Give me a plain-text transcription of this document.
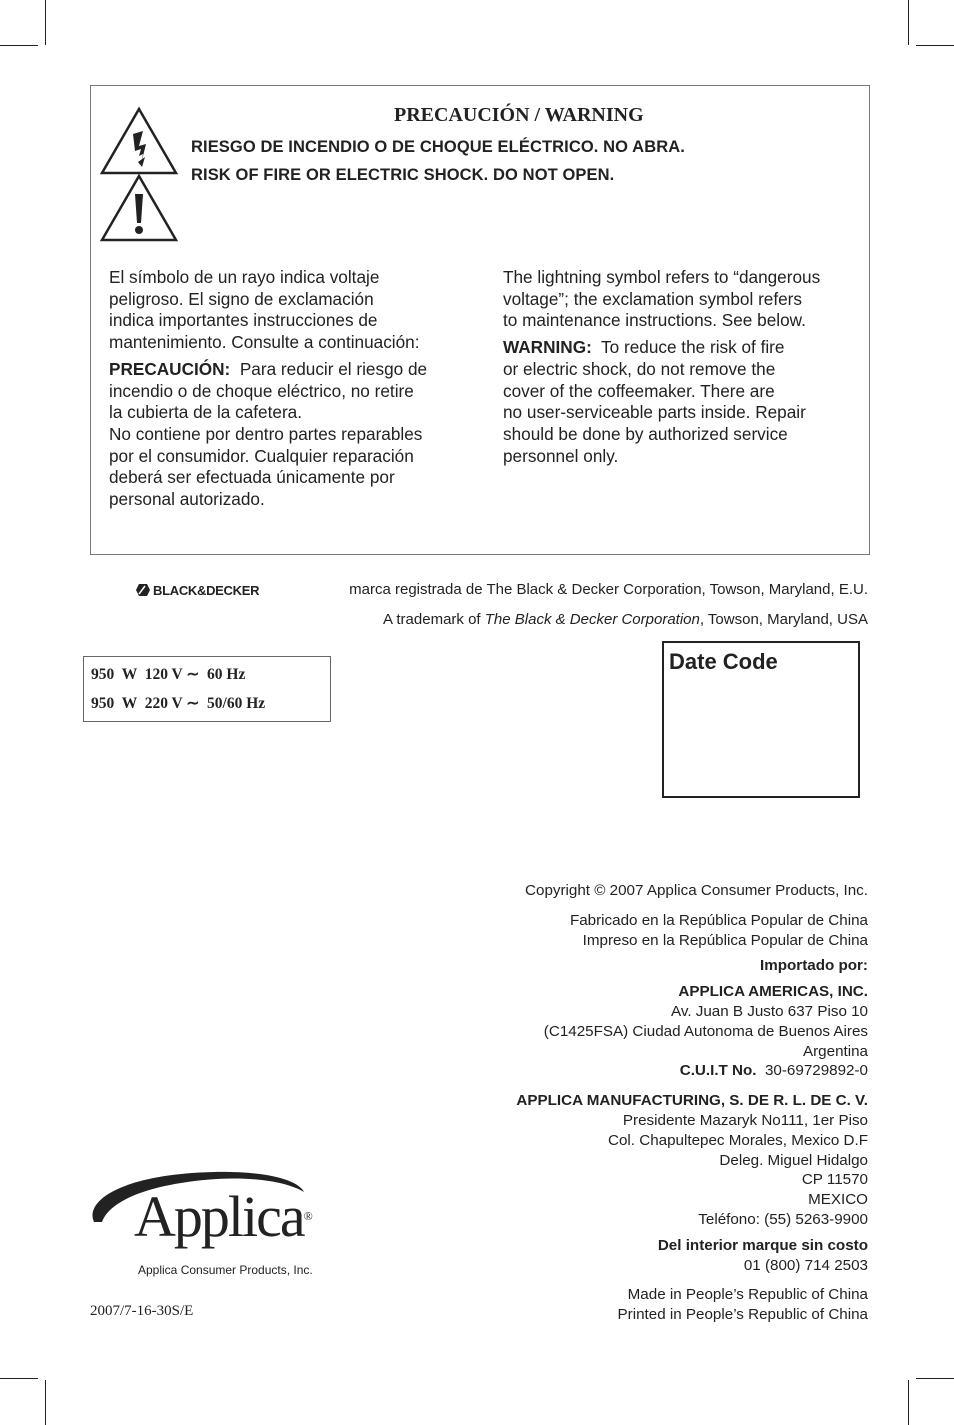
PRECAUCIÓN / WARNING
RIESGO DE INCENDIO O DE CHOQUE ELÉCTRICO. NO ABRA.
RISK OF FIRE OR ELECTRIC SHOCK. DO NOT OPEN.

El símbolo de un rayo indica voltaje

peligroso. El signo de exclamación

indica importantes instrucciones de

mantenimiento. Consulte a continuación:

PRECAUCIÓN: Para reducir el riesgo de

incendio o de choque eléctrico, no retire

la cubierta de la cafetera.

No contiene por dentro partes reparables

por el consumidor. Cualquier reparación

deberá ser efectuada únicamente por

personal autorizado.

The lightning symbol refers to “dangerous

voltage”; the exclamation symbol refers

to maintenance instructions. See below.

WARNING: To reduce the risk of fire

or electric shock, do not remove the

cover of the coffeemaker. There are

no user-serviceable parts inside. Repair

should be done by authorized service

personnel only.

BLACK&DECKER	marca registrada de The Black & Decker Corporation, Towson, Maryland, E.U.
A trademark of The Black & Decker Corporation, Towson, Maryland, USA
950  W  120 V ∼  60 Hz
950  W  220 V ∼  50/60 Hz
Date Code
Copyright © 2007 Applica Consumer Products, Inc.
Fabricado en la República Popular de China
Impreso en la República Popular de China
Importado por:
APPLICA AMERICAS, INC.
Av. Juan B Justo 637 Piso 10
(C1425FSA) Ciudad Autonoma de Buenos Aires
Argentina
C.U.I.T No. 30-69729892-0
APPLICA MANUFACTURING, S. DE R. L. DE C. V.
Presidente Mazaryk No111, 1er Piso
Col. Chapultepec Morales, Mexico D.F
Deleg. Miguel Hidalgo
CP 11570
MEXICO
Teléfono: (55) 5263-9900
Del interior marque sin costo
01 (800) 714 2503
Made in People’s Republic of China
Printed in People’s Republic of China
Applica®
Applica Consumer Products, Inc.
2007/7-16-30S/E
